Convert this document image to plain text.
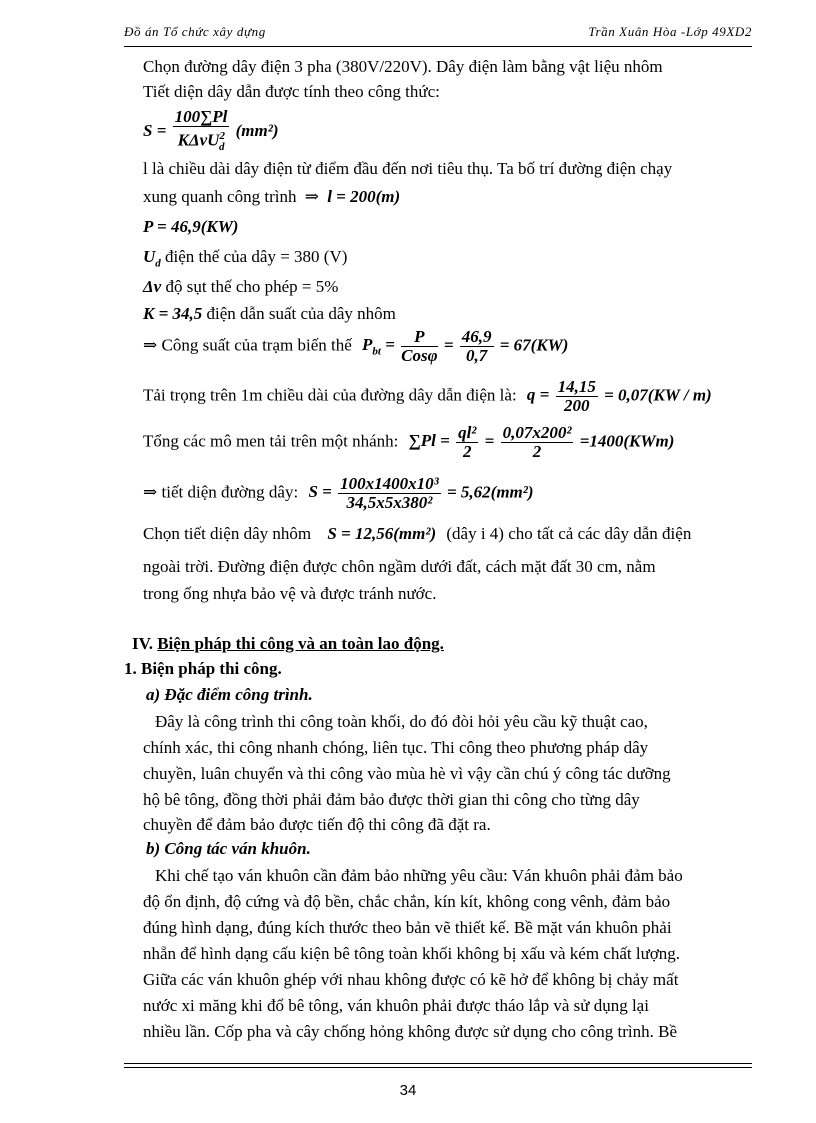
Đồ án Tổ chức xây dựng	Trần Xuân Hòa -Lớp 49XD2
Chọn đường dây điện 3 pha (380V/220V). Dây điện làm bằng vật liệu nhôm
Tiết diện dây dẫn được tính theo công thức:
$S = \frac{100\sum Pl}{K\Delta vU^2_d} (mm^2)$
l là chiều dài dây điện từ điểm đầu đến nơi tiêu thụ. Ta bố trí đường điện chạy
xung quanh công trình ⇒ l = 200(m)
P = 46,9(KW)
$U_d$ điện thế của dây = 380 (V)
Δv độ sụt thế cho phép = 5%
K = 34,5 điện dẫn suất của dây nhôm
⇒ Công suất của trạm biến thế $P_{bt} = \frac{P}{\text{Cosφ}} = \frac{46,9}{0,7} = 67(KW)$
Tải trọng trên 1m chiều dài của đường dây dẫn điện là: $q = \frac{14,15}{200} = 0,07(KW / m)$
Tổng các mô men tải trên một nhánh: $\sum Pl = \frac{\text{ql²}}{2} = \frac{\text{0,07x200²}}{2} =1400(KWm)$
⇒ tiết diện đường dây: $S = \frac{\text{100x1400x10³}}{\text{34,5x5x380²}} = 5,62(mm^2)$
Chọn tiết diện dây nhôm S = 12,56(mm²) (dây i 4) cho tất cả các dây dẫn điện
ngoài trời. Đường điện được chôn ngầm dưới đất, cách mặt đất 30 cm, nằm
trong ống nhựa bảo vệ và được tránh nước.
IV. Biện pháp thi công và an toàn lao động.
1. Biện pháp thi công.
a) Đặc điểm công trình.
Đây là công trình thi công toàn khối, do đó đòi hỏi yêu cầu kỹ thuật cao,
chính xác, thi công nhanh chóng, liên tục. Thi công theo phương pháp dây
chuyền, luân chuyển và thi công vào mùa hè vì vậy cần chú ý công tác dưỡng
hộ bê tông, đồng thời phải đảm bảo được thời gian thi công cho từng dây
chuyền để đảm bảo được tiến độ thi công đã đặt ra.
b) Công tác ván khuôn.
Khi chế tạo ván khuôn cần đảm bảo những yêu cầu: Ván khuôn phải đảm bảo
độ ổn định, độ cứng và độ bền, chắc chắn, kín kít, không cong vênh, đảm bảo
đúng hình dạng, đúng kích thước theo bản vẽ thiết kế. Bề mặt ván khuôn phải
nhẵn để hình dạng cấu kiện bê tông toàn khối không bị xấu và kém chất lượng.
Giữa các ván khuôn ghép với nhau không được có kẽ hở để không bị chảy mất
nước xi măng khi đổ bê tông, ván khuôn phải được tháo lắp và sử dụng lại
nhiều lần. Cốp pha và cây chống hỏng không được sử dụng cho công trình. Bề
34
